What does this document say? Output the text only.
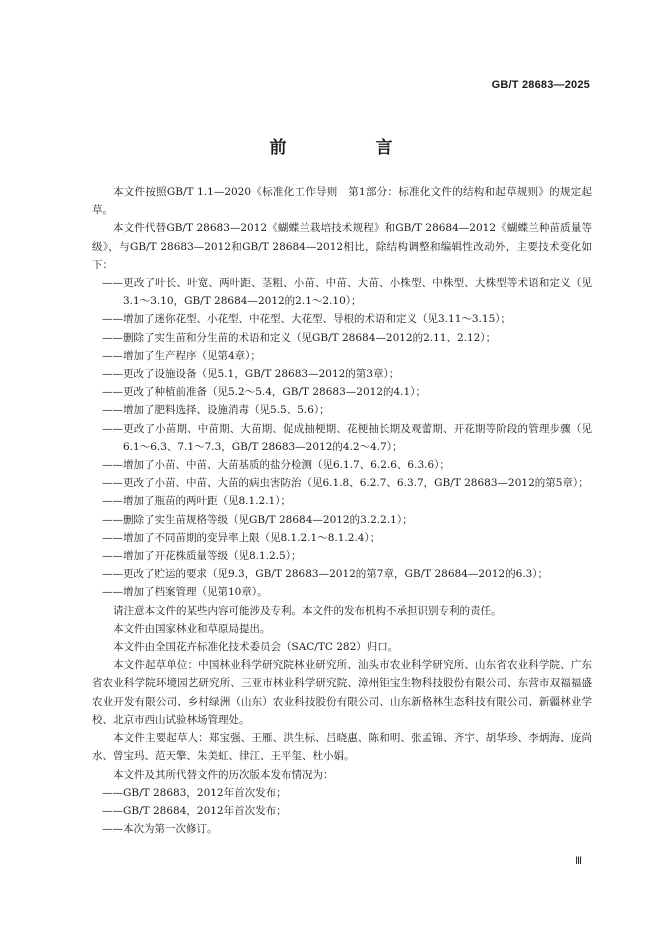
GB/T 28683—2025
前　言

本文件按照GB/T 1.1—2020《标准化工作导则　第1部分：标准化文件的结构和起草规则》的规定起草。

本文件代替GB/T 28683—2012《蝴蝶兰栽培技术规程》和GB/T 28684—2012《蝴蝶兰种苗质量等级》，与GB/T 28683—2012和GB/T 28684—2012相比，除结构调整和编辑性改动外，主要技术变化如下：

——更改了叶长、叶宽、两叶距、茎粗、小苗、中苗、大苗、小株型、中株型、大株型等术语和定义（见3.1～3.10，GB/T 28684—2012的2.1～2.10）；

——增加了迷你花型、小花型、中花型、大花型、导根的术语和定义（见3.11～3.15）；

——删除了实生苗和分生苗的术语和定义（见GB/T 28684—2012的2.11、2.12）；

——增加了生产程序（见第4章）；

——更改了设施设备（见5.1，GB/T 28683—2012的第3章）；

——更改了种植前准备（见5.2～5.4，GB/T 28683—2012的4.1）；

——增加了肥料选择、设施消毒（见5.5、5.6）；

——更改了小苗期、中苗期、大苗期、促成抽梗期、花梗抽长期及观蕾期、开花期等阶段的管理步骤（见6.1～6.3、7.1～7.3，GB/T 28683—2012的4.2～4.7）；

——增加了小苗、中苗、大苗基质的盐分检测（见6.1.7、6.2.6、6.3.6）；

——更改了小苗、中苗、大苗的病虫害防治（见6.1.8、6.2.7、6.3.7，GB/T 28683—2012的第5章）；

——增加了瓶苗的两叶距（见8.1.2.1）；

——删除了实生苗规格等级（见GB/T 28684—2012的3.2.2.1）；

——增加了不同苗期的变异率上限（见8.1.2.1～8.1.2.4）；

——增加了开花株质量等级（见8.1.2.5）；

——更改了贮运的要求（见9.3，GB/T 28683—2012的第7章，GB/T 28684—2012的6.3）；

——增加了档案管理（见第10章）。

请注意本文件的某些内容可能涉及专利。本文件的发布机构不承担识别专利的责任。

本文件由国家林业和草原局提出。

本文件由全国花卉标准化技术委员会（SAC/TC 282）归口。

本文件起草单位：中国林业科学研究院林业研究所、汕头市农业科学研究所、山东省农业科学院、广东省农业科学院环境园艺研究所、三亚市林业科学研究院、漳州钜宝生物科技股份有限公司、东营市双福福盛农业开发有限公司、乡村绿洲（山东）农业科技股份有限公司、山东新格林生态科技有限公司、新疆林业学校、北京市西山试验林场管理处。

本文件主要起草人：郑宝强、王雁、洪生标、吕晓惠、陈和明、张孟锦、齐宇、胡华珍、李炳海、庞尚水、曾宝玛、范天擎、朱美虹、律江、王平玺、杜小娟。

本文件及其所代替文件的历次版本发布情况为：

——GB/T 28683，2012年首次发布；

——GB/T 28684，2012年首次发布；

——本次为第一次修订。

Ⅲ
